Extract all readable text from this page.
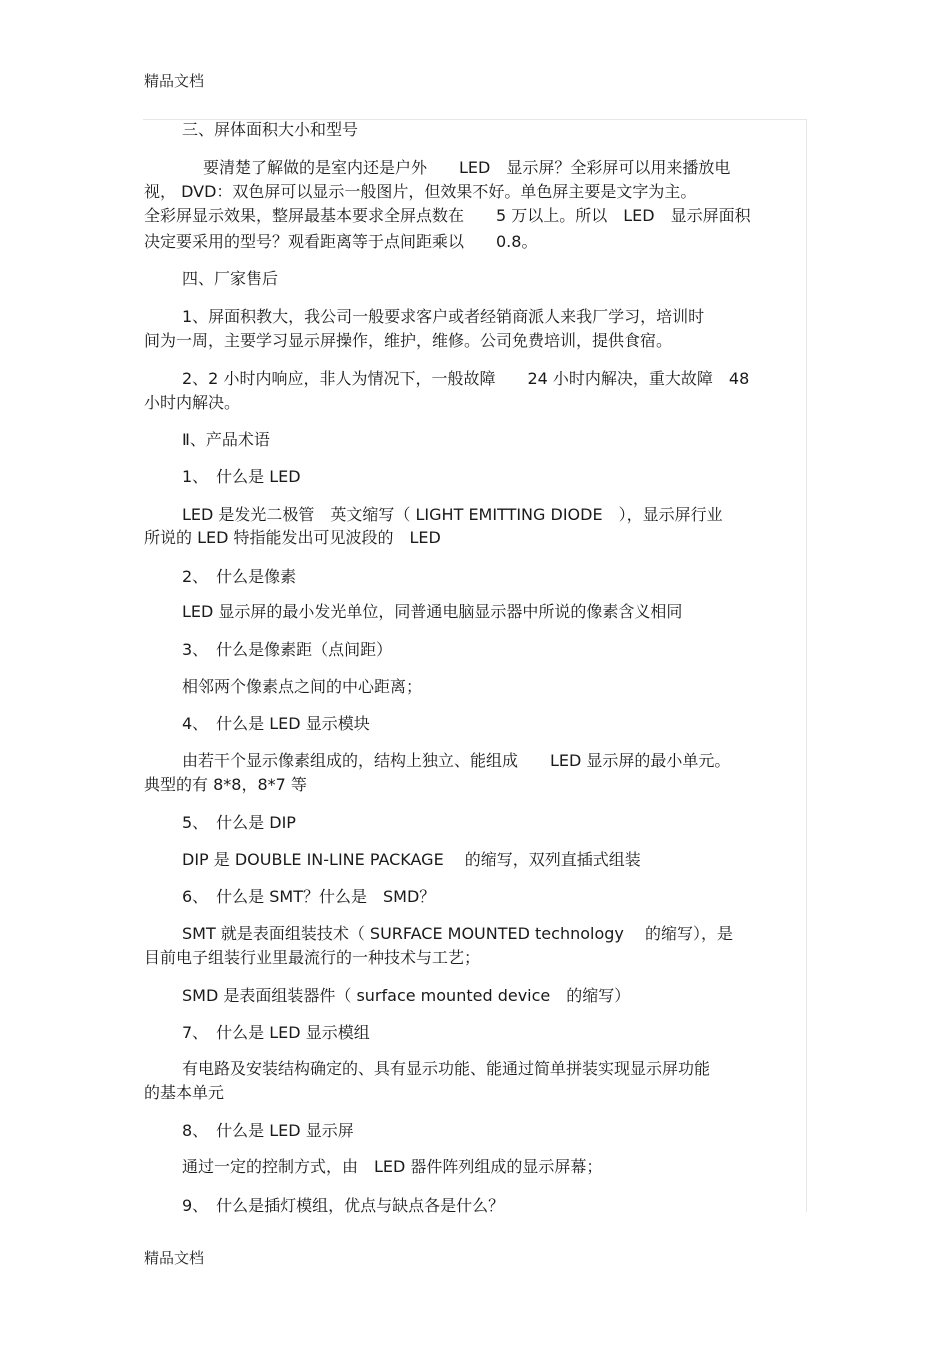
精品文档
三、屏体面积大小和型号
要清楚了解做的是室内还是户外　　LED　显示屏？全彩屏可以用来播放电
视， DVD：双色屏可以显示一般图片，但效果不好。单色屏主要是文字为主。
全彩屏显示效果，整屏最基本要求全屏点数在　　5 万以上。所以　LED　显示屏面积
决定要采用的型号？观看距离等于点间距乘以　　0.8。
四、厂家售后
1、屏面积教大，我公司一般要求客户或者经销商派人来我厂学习，培训时
间为一周，主要学习显示屏操作，维护，维修。公司免费培训，提供食宿。
2、2 小时内响应，非人为情况下，一般故障　　24 小时内解决，重大故障　48
小时内解决。
Ⅱ、产品术语
1、　什么是 LED
LED 是发光二极管　英文缩写（ LIGHT EMITTING DIODE　），显示屏行业
所说的 LED 特指能发出可见波段的　LED
2、　什么是像素
LED 显示屏的最小发光单位，同普通电脑显示器中所说的像素含义相同
3、　什么是像素距（点间距）
相邻两个像素点之间的中心距离；
4、　什么是 LED 显示模块
由若干个显示像素组成的，结构上独立、能组成　　LED 显示屏的最小单元。
典型的有 8*8，8*7 等
5、　什么是 DIP
DIP 是 DOUBLE IN-LINE PACKAGE　 的缩写，双列直插式组装
6、　什么是 SMT？什么是　SMD？
SMT 就是表面组装技术（ SURFACE MOUNTED technology　 的缩写），是
目前电子组装行业里最流行的一种技术与工艺；
SMD 是表面组装器件（ surface mounted device　的缩写）
7、　什么是 LED 显示模组
有电路及安装结构确定的、具有显示功能、能通过简单拼装实现显示屏功能
的基本单元
8、　什么是 LED 显示屏
通过一定的控制方式，由　LED 器件阵列组成的显示屏幕；
9、　什么是插灯模组，优点与缺点各是什么？
精品文档
